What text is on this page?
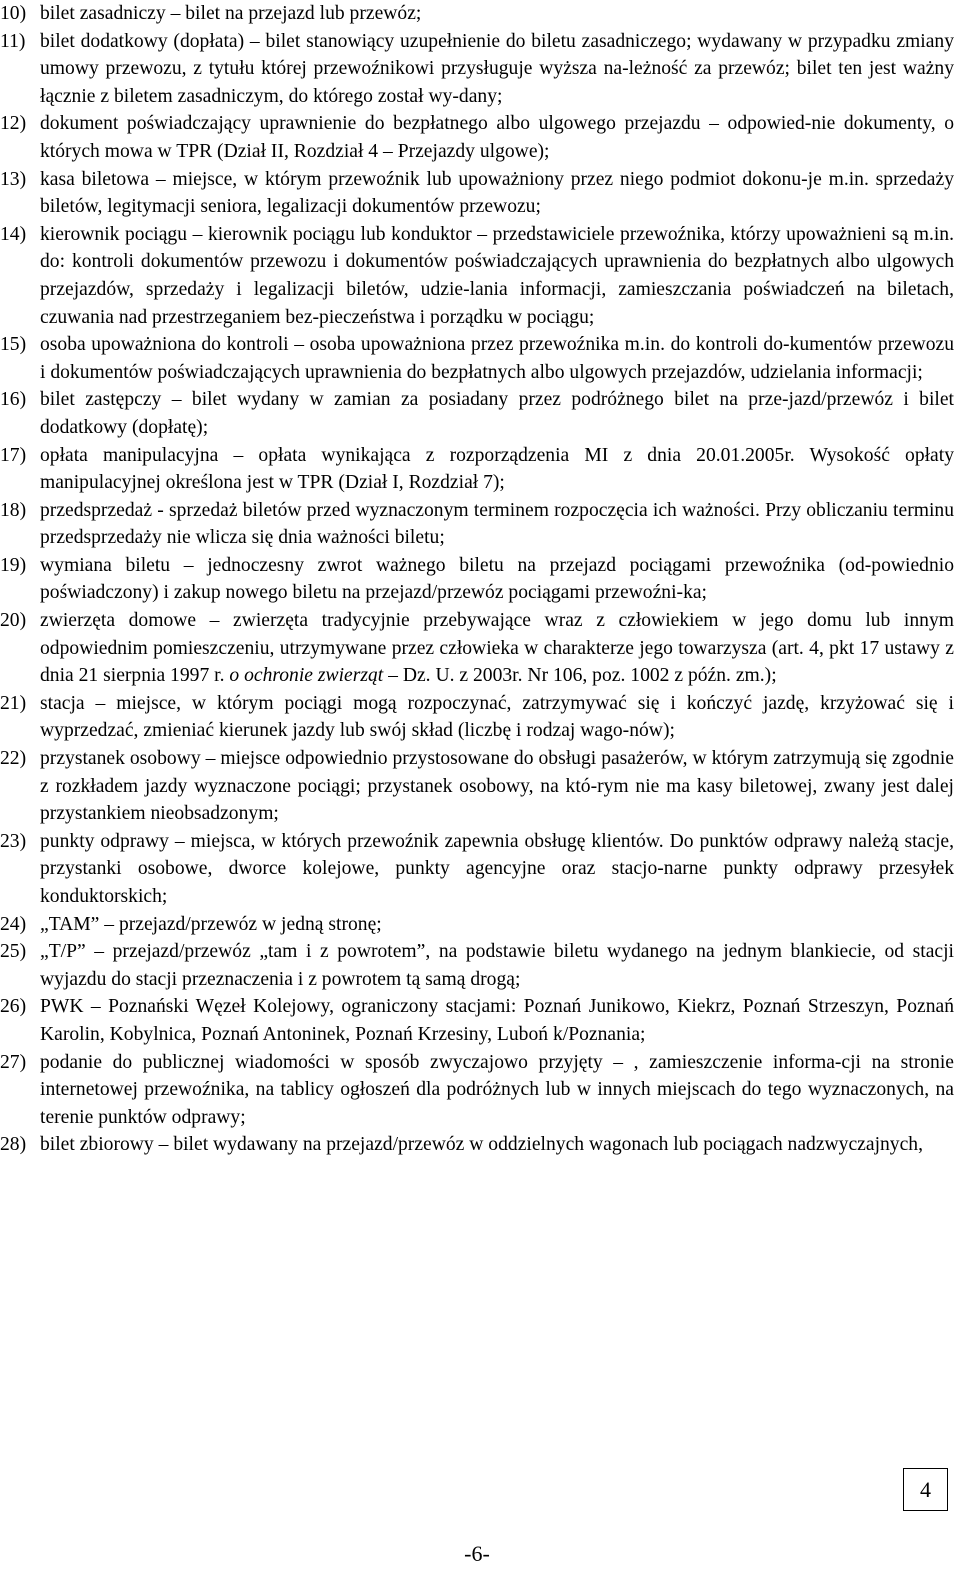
10) bilet zasadniczy – bilet na przejazd lub przewóz;
11) bilet dodatkowy (dopłata) – bilet stanowiący uzupełnienie do biletu zasadniczego; wydawany w przypadku zmiany umowy przewozu, z tytułu której przewoźnikowi przysługuje wyższa na-​leżność za przewóz; bilet ten jest ważny łącznie z biletem zasadniczym, do którego został wy-​dany;
12) dokument poświadczający uprawnienie do bezpłatnego albo ulgowego przejazdu – odpowied-​nie dokumenty, o których mowa w TPR (Dział II, Rozdział 4 – Przejazdy ulgowe);
13) kasa biletowa – miejsce, w którym przewoźnik lub upoważniony przez niego podmiot dokonu-​je m.in. sprzedaży biletów, legitymacji seniora, legalizacji dokumentów przewozu;
14) kierownik pociągu – kierownik pociągu lub konduktor – przedstawiciele przewoźnika, którzy upoważnieni są m.in. do: kontroli dokumentów przewozu i dokumentów poświadczających uprawnienia do bezpłatnych albo ulgowych przejazdów, sprzedaży i legalizacji biletów, udzie-​lania informacji, zamieszczania poświadczeń na biletach, czuwania nad przestrzeganiem bez-​pieczeństwa i porządku w pociągu;
15) osoba upoważniona do kontroli – osoba upoważniona przez przewoźnika m.in. do kontroli do-​kumentów przewozu i dokumentów poświadczających uprawnienia do bezpłatnych albo ulgowych przejazdów, udzielania informacji;
16) bilet zastępczy – bilet wydany w zamian za posiadany przez podróżnego bilet na prze-​jazd/przewóz i bilet dodatkowy (dopłatę);
17) opłata manipulacyjna – opłata wynikająca z rozporządzenia MI z dnia 20.01.2005r. Wysokość opłaty manipulacyjnej określona jest w TPR (Dział I, Rozdział 7);
18) przedsprzedaż - sprzedaż biletów przed wyznaczonym terminem rozpoczęcia ich ważności. Przy obliczaniu terminu przedsprzedaży nie wlicza się dnia ważności biletu;
19) wymiana biletu – jednoczesny zwrot ważnego biletu na przejazd pociągami przewoźnika (od-​powiednio poświadczony) i zakup nowego biletu na przejazd/przewóz pociągami przewoźni-​ka;
20) zwierzęta domowe – zwierzęta tradycyjnie przebywające wraz z człowiekiem w jego domu lub innym odpowiednim pomieszczeniu, utrzymywane przez człowieka w charakterze jego towarzysza (art. 4, pkt 17 ustawy z dnia 21 sierpnia 1997 r. o ochronie zwierząt – Dz. U. z 2003r. Nr 106, poz. 1002 z późn. zm.);
21) stacja – miejsce, w którym pociągi mogą rozpoczynać, zatrzymywać się i kończyć jazdę, krzyżować się i wyprzedzać, zmieniać kierunek jazdy lub swój skład (liczbę i rodzaj wago-​nów);
22) przystanek osobowy – miejsce odpowiednio przystosowane do obsługi pasażerów, w którym zatrzymują się zgodnie z rozkładem jazdy wyznaczone pociągi; przystanek osobowy, na któ-​rym nie ma kasy biletowej, zwany jest dalej przystankiem nieobsadzonym;
23) punkty odprawy – miejsca, w których przewoźnik zapewnia obsługę klientów. Do punktów odprawy należą stacje, przystanki osobowe, dworce kolejowe, punkty agencyjne oraz stacjo-​narne punkty odprawy przesyłek konduktorskich;
24) „TAM” – przejazd/przewóz w jedną stronę;
25) „T/P” – przejazd/przewóz „tam i z powrotem”, na podstawie biletu wydanego na jednym blankiecie, od stacji wyjazdu do stacji przeznaczenia i z powrotem tą samą drogą;
26) PWK – Poznański Węzeł Kolejowy, ograniczony stacjami: Poznań Junikowo, Kiekrz, Poznań Strzeszyn, Poznań Karolin, Kobylnica, Poznań Antoninek, Poznań Krzesiny, Luboń k/Poznania;
27) podanie do publicznej wiadomości w sposób zwyczajowo przyjęty – , zamieszczenie informa-​cji na stronie internetowej przewoźnika, na tablicy ogłoszeń dla podróżnych lub w innych miejscach do tego wyznaczonych, na terenie punktów odprawy;
28) bilet zbiorowy – bilet wydawany na przejazd/przewóz w oddzielnych wagonach lub pociągach nadzwyczajnych,
4
-6-
